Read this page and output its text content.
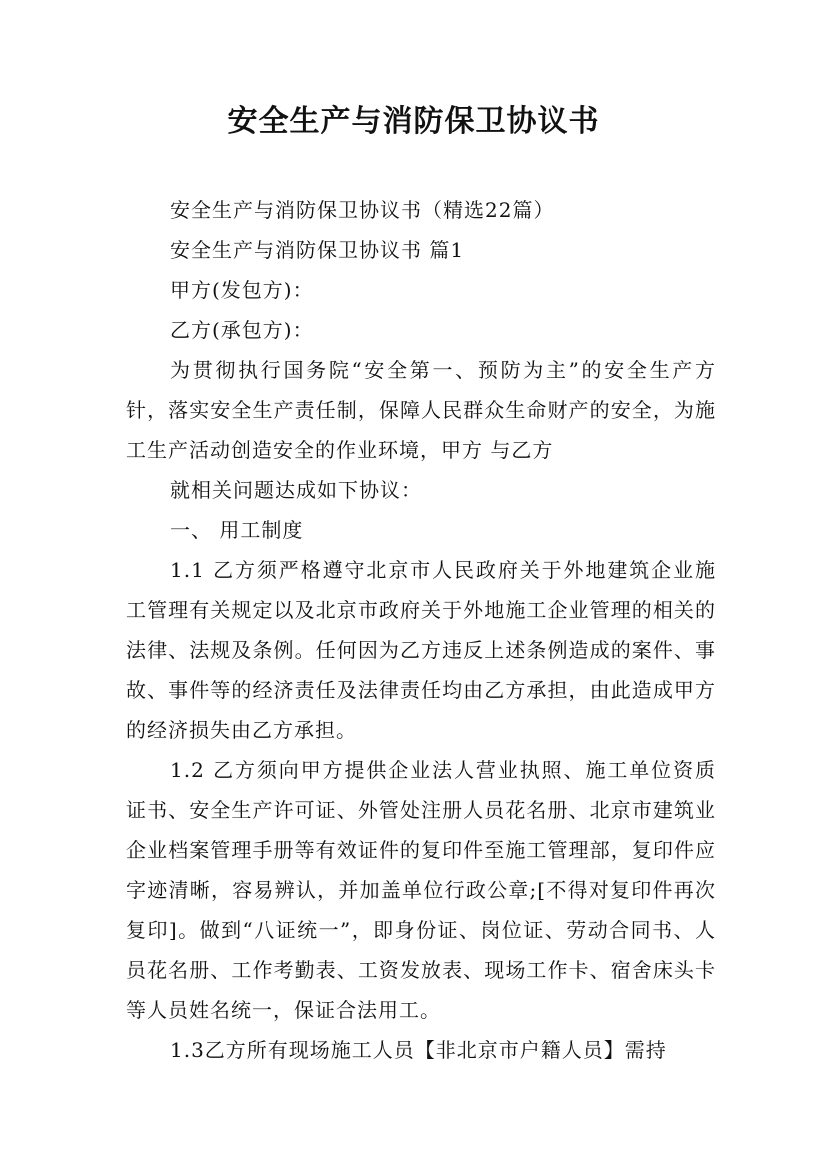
安全生产与消防保卫协议书

安全生产与消防保卫协议书（精选22篇）

安全生产与消防保卫协议书 篇1

甲方(发包方)：

乙方(承包方)：

为贯彻执行国务院“安全第一、预防为主”的安全生产方针，落实安全生产责任制，保障人民群众生命财产的安全，为施工生产活动创造安全的作业环境，甲方 与乙方

就相关问题达成如下协议：

一、 用工制度

1.1 乙方须严格遵守北京市人民政府关于外地建筑企业施工管理有关规定以及北京市政府关于外地施工企业管理的相关的法律、法规及条例。任何因为乙方违反上述条例造成的案件、事故、事件等的经济责任及法律责任均由乙方承担，由此造成甲方的经济损失由乙方承担。

1.2 乙方须向甲方提供企业法人营业执照、施工单位资质证书、安全生产许可证、外管处注册人员花名册、北京市建筑业企业档案管理手册等有效证件的复印件至施工管理部，复印件应字迹清晰，容易辨认，并加盖单位行政公章;[不得对复印件再次复印]。做到“八证统一”，即身份证、岗位证、劳动合同书、人员花名册、工作考勤表、工资发放表、现场工作卡、宿舍床头卡等人员姓名统一，保证合法用工。

1.3乙方所有现场施工人员【非北京市户籍人员】需持
